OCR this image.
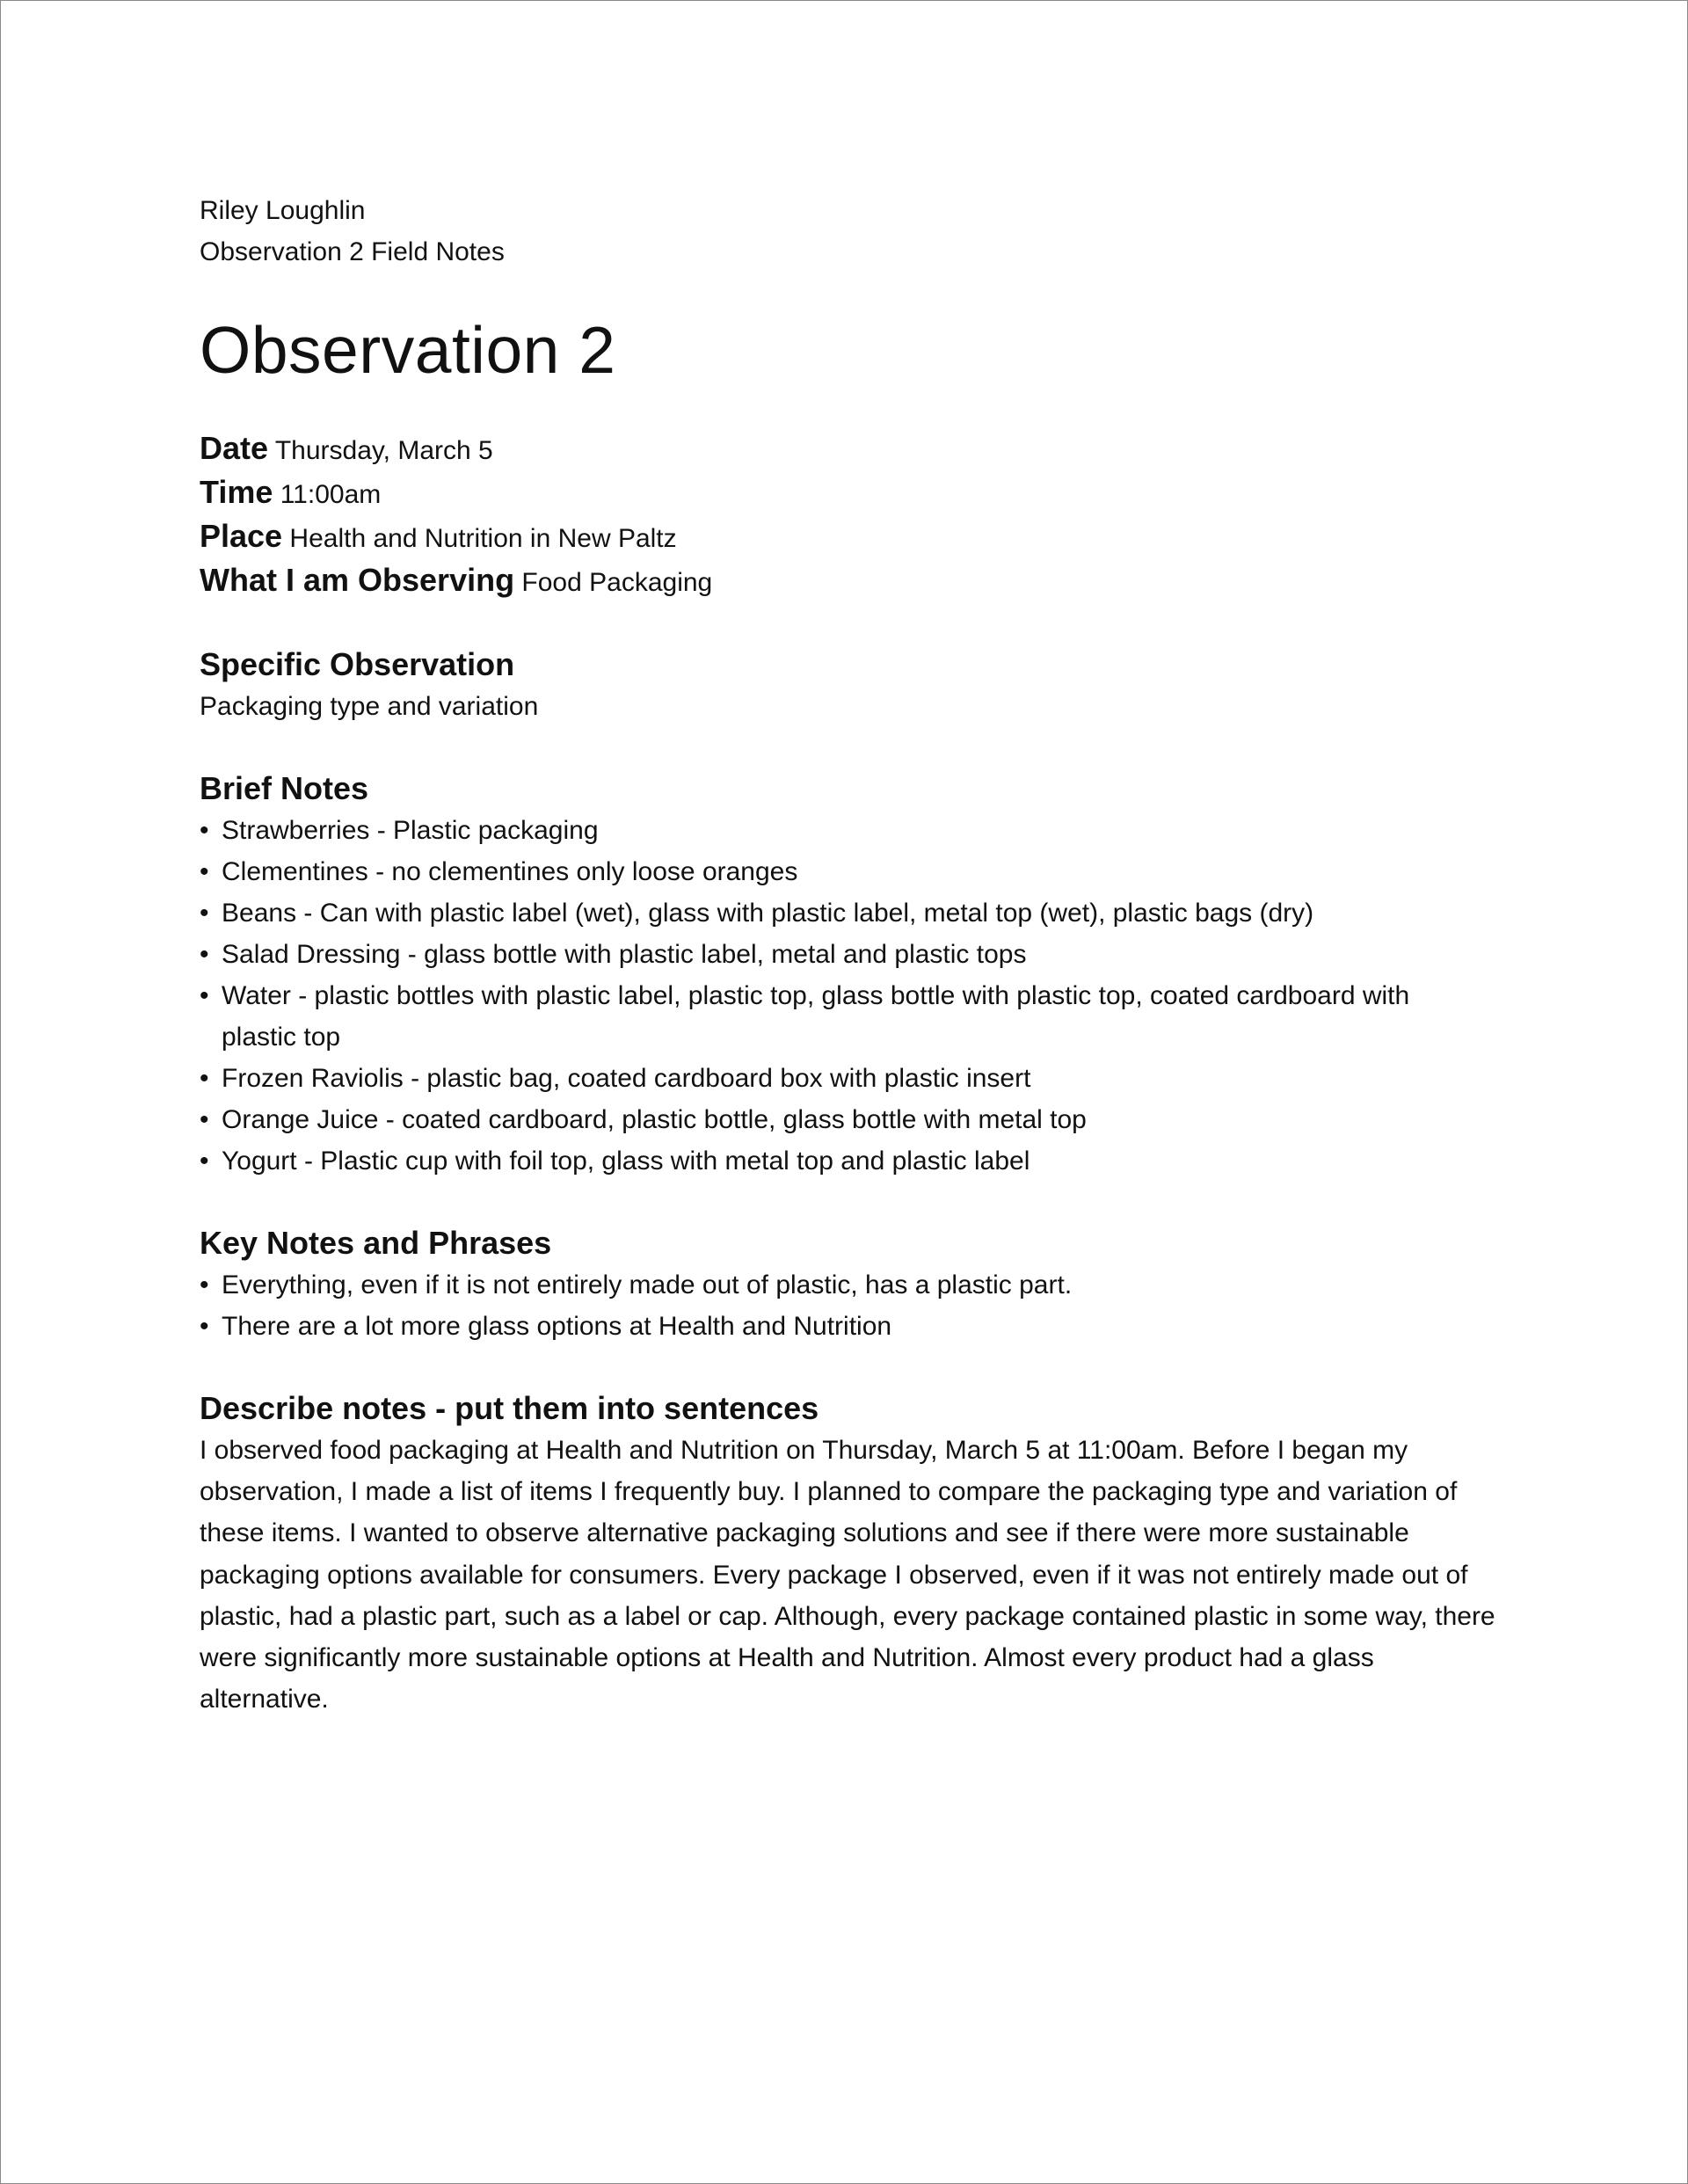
Riley Loughlin

Observation 2 Field Notes

Observation 2
Date Thursday, March 5
Time 11:00am
Place Health and Nutrition in New Paltz
What I am Observing Food Packaging
Specific Observation

Packaging type and variation

Brief Notes
• Strawberries - Plastic packaging
• Clementines - no clementines only loose oranges
• Beans - Can with plastic label (wet), glass with plastic label, metal top (wet), plastic bags (dry)
• Salad Dressing - glass bottle with plastic label, metal and plastic tops
• Water - plastic bottles with plastic label, plastic top, glass bottle with plastic top, coated cardboard with plastic top
• Frozen Raviolis - plastic bag, coated cardboard box with plastic insert
• Orange Juice - coated cardboard, plastic bottle, glass bottle with metal top
• Yogurt - Plastic cup with foil top, glass with metal top and plastic label
Key Notes and Phrases
• Everything, even if it is not entirely made out of plastic, has a plastic part.
• There are a lot more glass options at Health and Nutrition
Describe notes - put them into sentences

I observed food packaging at Health and Nutrition on Thursday, March 5 at 11:00am. Before I began my observation, I made a list of items I frequently buy. I planned to compare the packaging type and variation of these items. I wanted to observe alternative packaging solutions and see if there were more sustainable packaging options available for consumers. Every package I observed, even if it was not entirely made out of plastic, had a plastic part, such as a label or cap. Although, every package contained plastic in some way, there were significantly more sustainable options at Health and Nutrition. Almost every product had a glass alternative.
